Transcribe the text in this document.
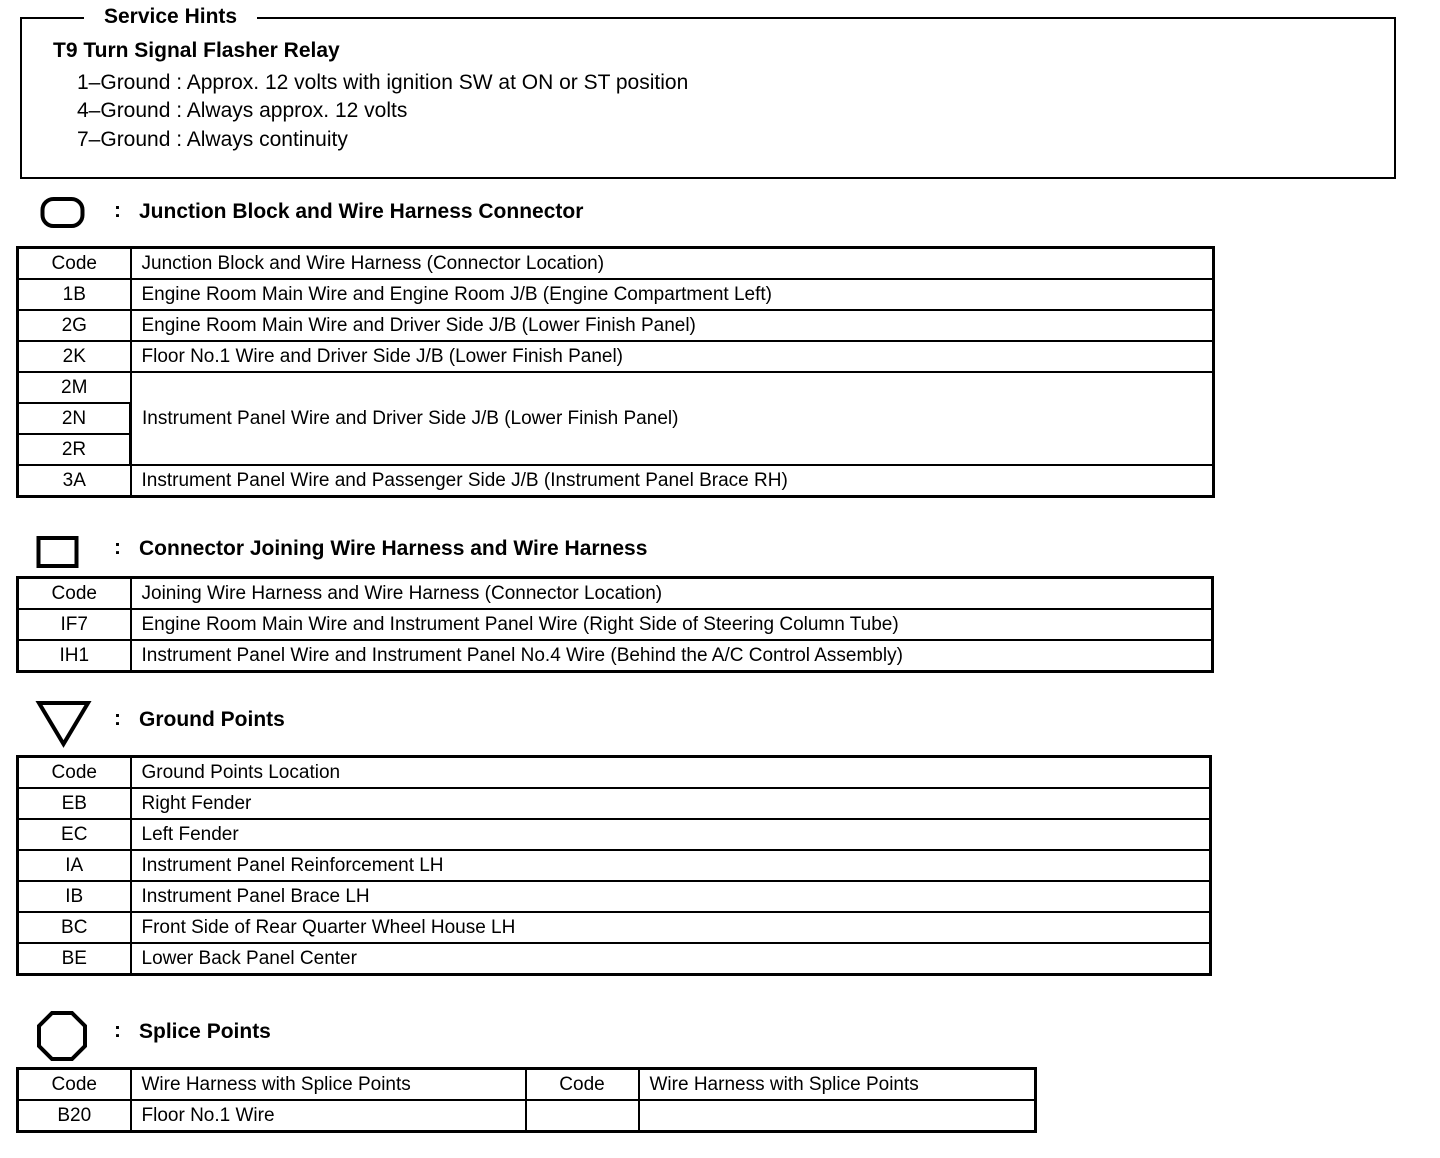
Service Hints
T9 Turn Signal Flasher Relay
1–Ground : Approx. 12 volts with ignition SW at ON or ST position
4–Ground : Always approx. 12 volts
7–Ground : Always continuity
: Junction Block and Wire Harness Connector
Code	Junction Block and Wire Harness (Connector Location)
1B	Engine Room Main Wire and Engine Room J/B (Engine Compartment Left)
2G	Engine Room Main Wire and Driver Side J/B (Lower Finish Panel)
2K	Floor No.1 Wire and Driver Side J/B (Lower Finish Panel)
2M	Instrument Panel Wire and Driver Side J/B (Lower Finish Panel)
2N	
2R	
3A	Instrument Panel Wire and Passenger Side J/B (Instrument Panel Brace RH)
: Connector Joining Wire Harness and Wire Harness
Code	Joining Wire Harness and Wire Harness (Connector Location)
IF7	Engine Room Main Wire and Instrument Panel Wire (Right Side of Steering Column Tube)
IH1	Instrument Panel Wire and Instrument Panel No.4 Wire (Behind the A/C Control Assembly)
: Ground Points
Code	Ground Points Location
EB	Right Fender
EC	Left Fender
IA	Instrument Panel Reinforcement LH
IB	Instrument Panel Brace LH
BC	Front Side of Rear Quarter Wheel House LH
BE	Lower Back Panel Center
: Splice Points
Code	Wire Harness with Splice Points	Code	Wire Harness with Splice Points
B20	Floor No.1 Wire		
